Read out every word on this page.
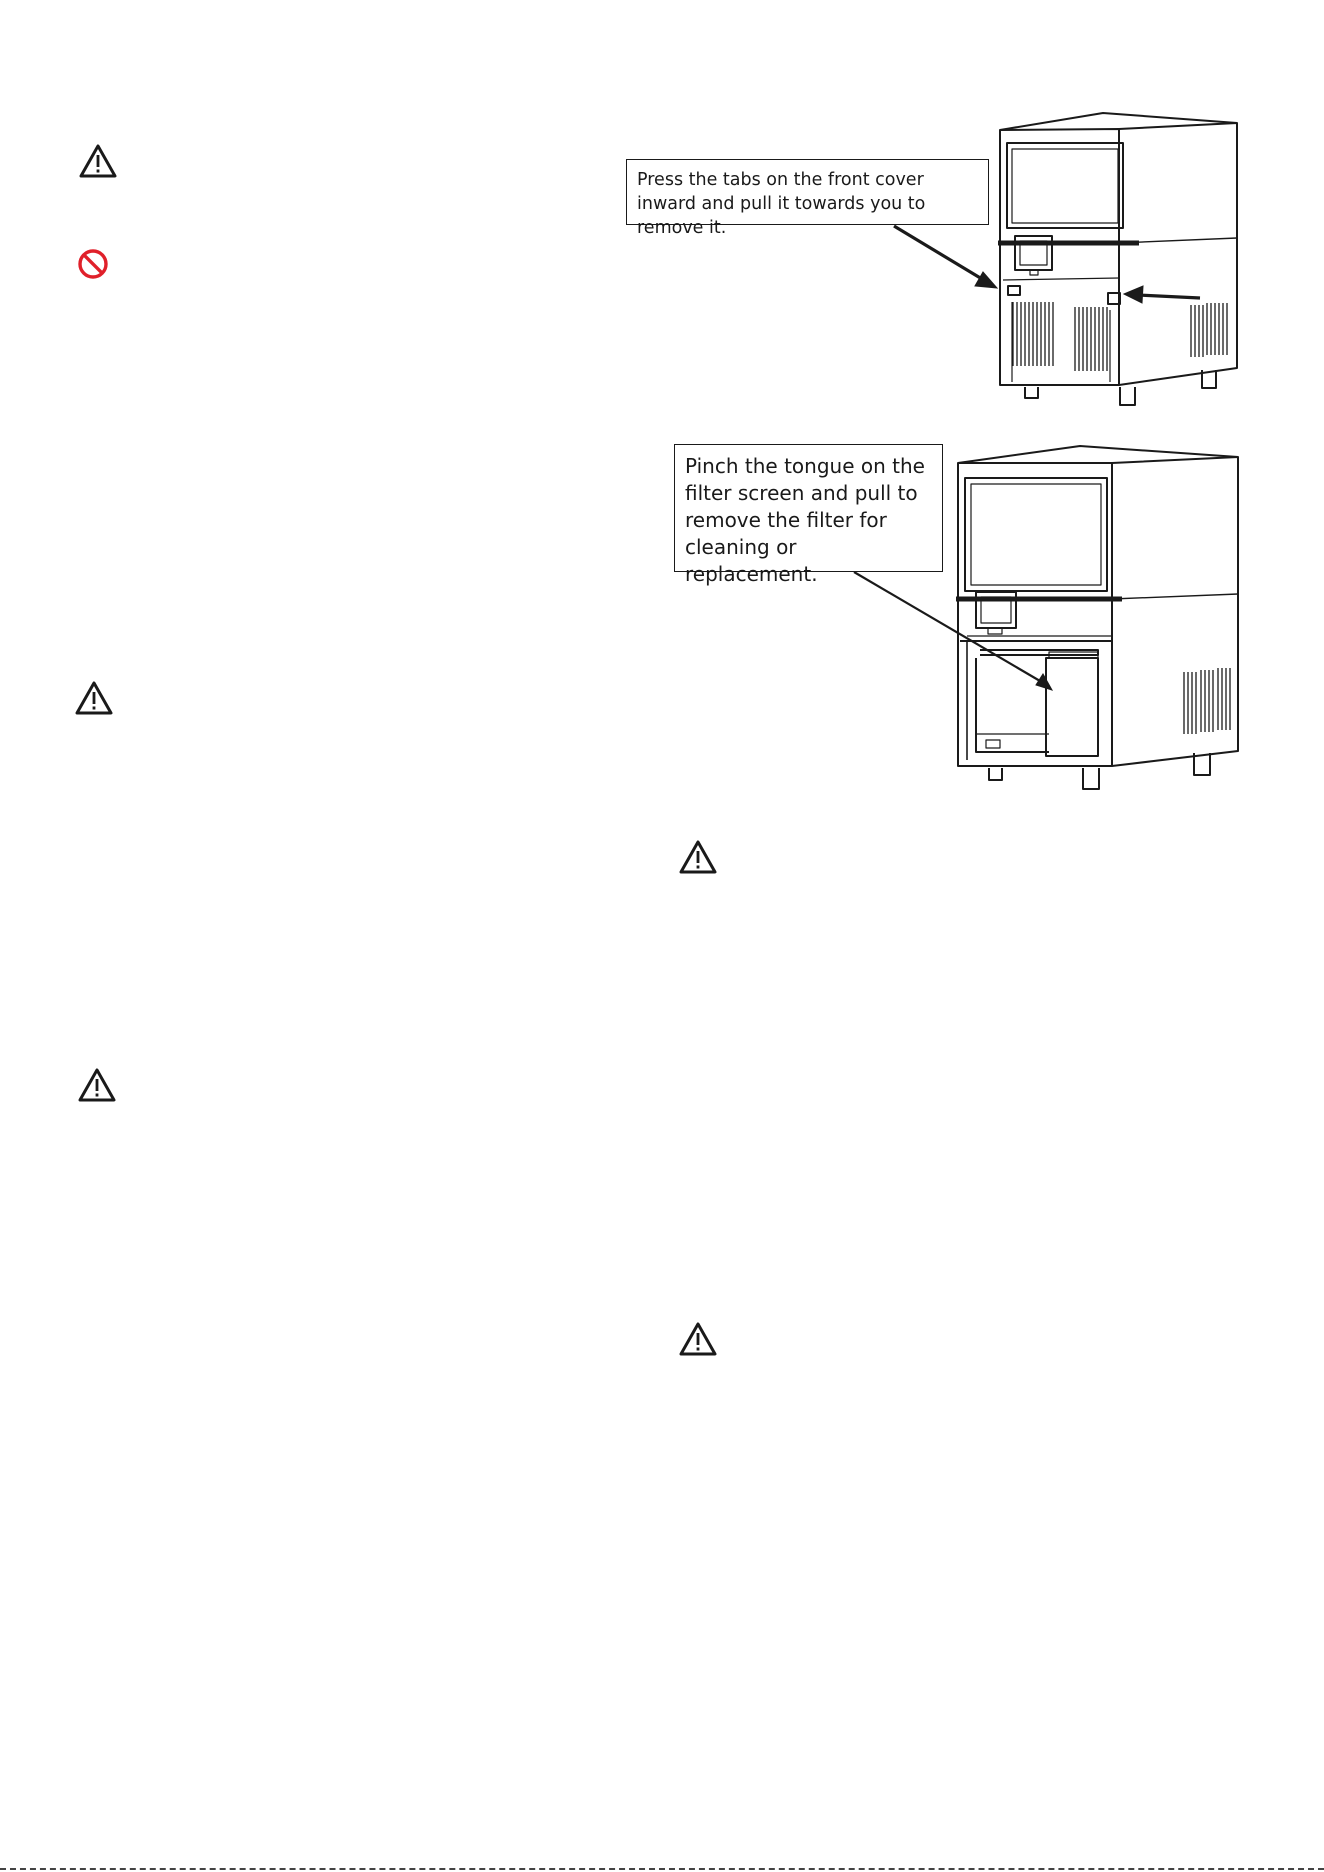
Press the tabs on the front cover inward and pull it towards you to remove it.
Pinch the tongue on the filter screen and pull to remove the filter for cleaning or replacement.
